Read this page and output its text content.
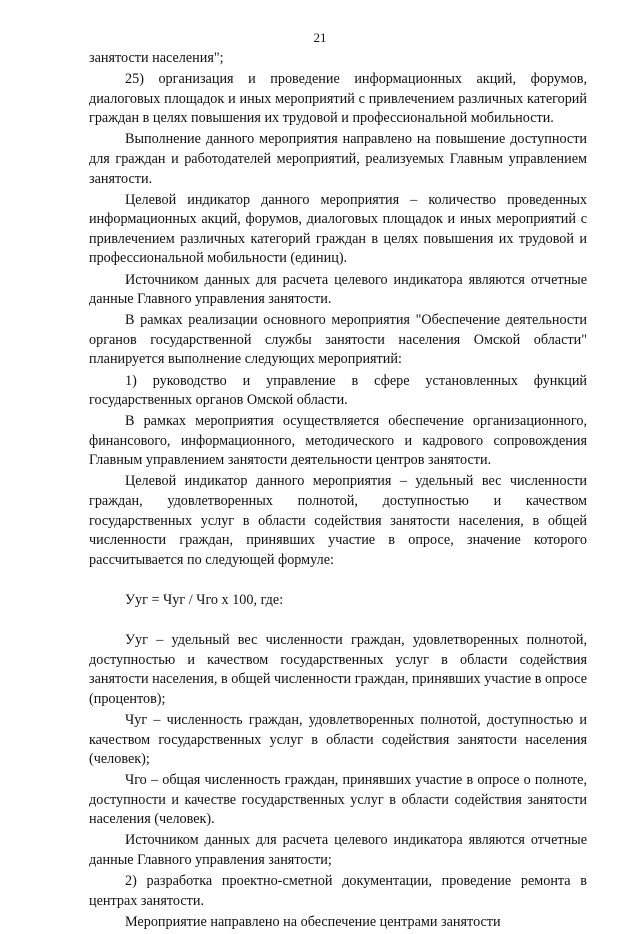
21

занятости населения";

25) организация и проведение информационных акций, форумов, диалоговых площадок и иных мероприятий с привлечением различных категорий граждан в целях повышения их трудовой и профессиональной мобильности.

Выполнение данного мероприятия направлено на повышение доступности для граждан и работодателей мероприятий, реализуемых Главным управлением занятости.

Целевой индикатор данного мероприятия – количество проведенных информационных акций, форумов, диалоговых площадок и иных мероприятий с привлечением различных категорий граждан в целях повышения их трудовой и профессиональной мобильности (единиц).

Источником данных для расчета целевого индикатора являются отчетные данные Главного управления занятости.

В рамках реализации основного мероприятия "Обеспечение деятельности органов государственной службы занятости населения Омской области" планируется выполнение следующих мероприятий:

1) руководство и управление в сфере установленных функций государственных органов Омской области.

В рамках мероприятия осуществляется обеспечение организационного, финансового, информационного, методического и кадрового сопровождения Главным управлением занятости деятельности центров занятости.

Целевой индикатор данного мероприятия – удельный вес численности граждан, удовлетворенных полнотой, доступностью и качеством государственных услуг в области содействия занятости населения, в общей численности граждан, принявших участие в опросе, значение которого рассчитывается по следующей формуле:

Уyг = Чyг / Чго x 100, где:

Уyг – удельный вес численности граждан, удовлетворенных полнотой, доступностью и качеством государственных услуг в области содействия занятости населения, в общей численности граждан, принявших участие в опросе (процентов);

Чyг – численность граждан, удовлетворенных полнотой, доступностью и качеством государственных услуг в области содействия занятости населения (человек);

Чго – общая численность граждан, принявших участие в опросе о полноте, доступности и качестве государственных услуг в области содействия занятости населения (человек).

Источником данных для расчета целевого индикатора являются отчетные данные Главного управления занятости;

2) разработка проектно-сметной документации, проведение ремонта в центрах занятости.

Мероприятие направлено на обеспечение центрами занятости
